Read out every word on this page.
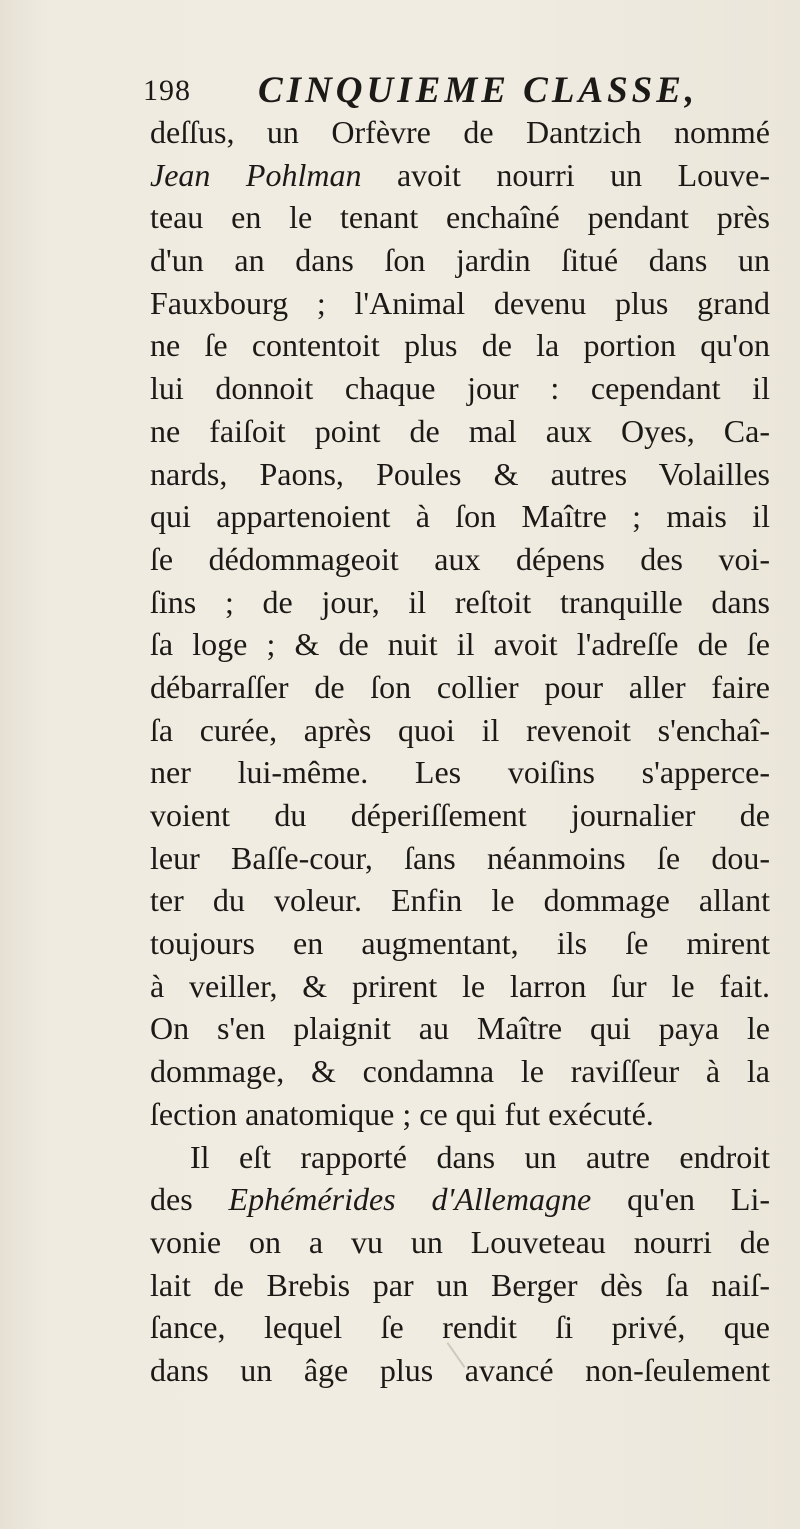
198 CINQUIEME CLASSE,
deſſus, un Orfèvre de Dantzich nommé
Jean Pohlman avoit nourri un Louve-
teau en le tenant enchaîné pendant près
d'un an dans ſon jardin ſitué dans un
Fauxbourg ; l'Animal devenu plus grand
ne ſe contentoit plus de la portion qu'on
lui donnoit chaque jour : cependant il
ne faiſoit point de mal aux Oyes, Ca-
nards, Paons, Poules & autres Volailles
qui appartenoient à ſon Maître ; mais il
ſe dédommageoit aux dépens des voi-
ſins ; de jour, il reſtoit tranquille dans
ſa loge ; & de nuit il avoit l'adreſſe de ſe
débarraſſer de ſon collier pour aller faire
ſa curée, après quoi il revenoit s'enchaî-
ner lui-même. Les voiſins s'apperce-
voient du déperiſſement journalier de
leur Baſſe-cour, ſans néanmoins ſe dou-
ter du voleur. Enfin le dommage allant
toujours en augmentant, ils ſe mirent
à veiller, & prirent le larron ſur le fait.
On s'en plaignit au Maître qui paya le
dommage, & condamna le raviſſeur à la
ſection anatomique ; ce qui fut exécuté.
Il eſt rapporté dans un autre endroit
des Ephémérides d'Allemagne qu'en Li-
vonie on a vu un Louveteau nourri de
lait de Brebis par un Berger dès ſa naiſ-
ſance, lequel ſe rendit ſi privé, que
dans un âge plus avancé non-ſeulement
